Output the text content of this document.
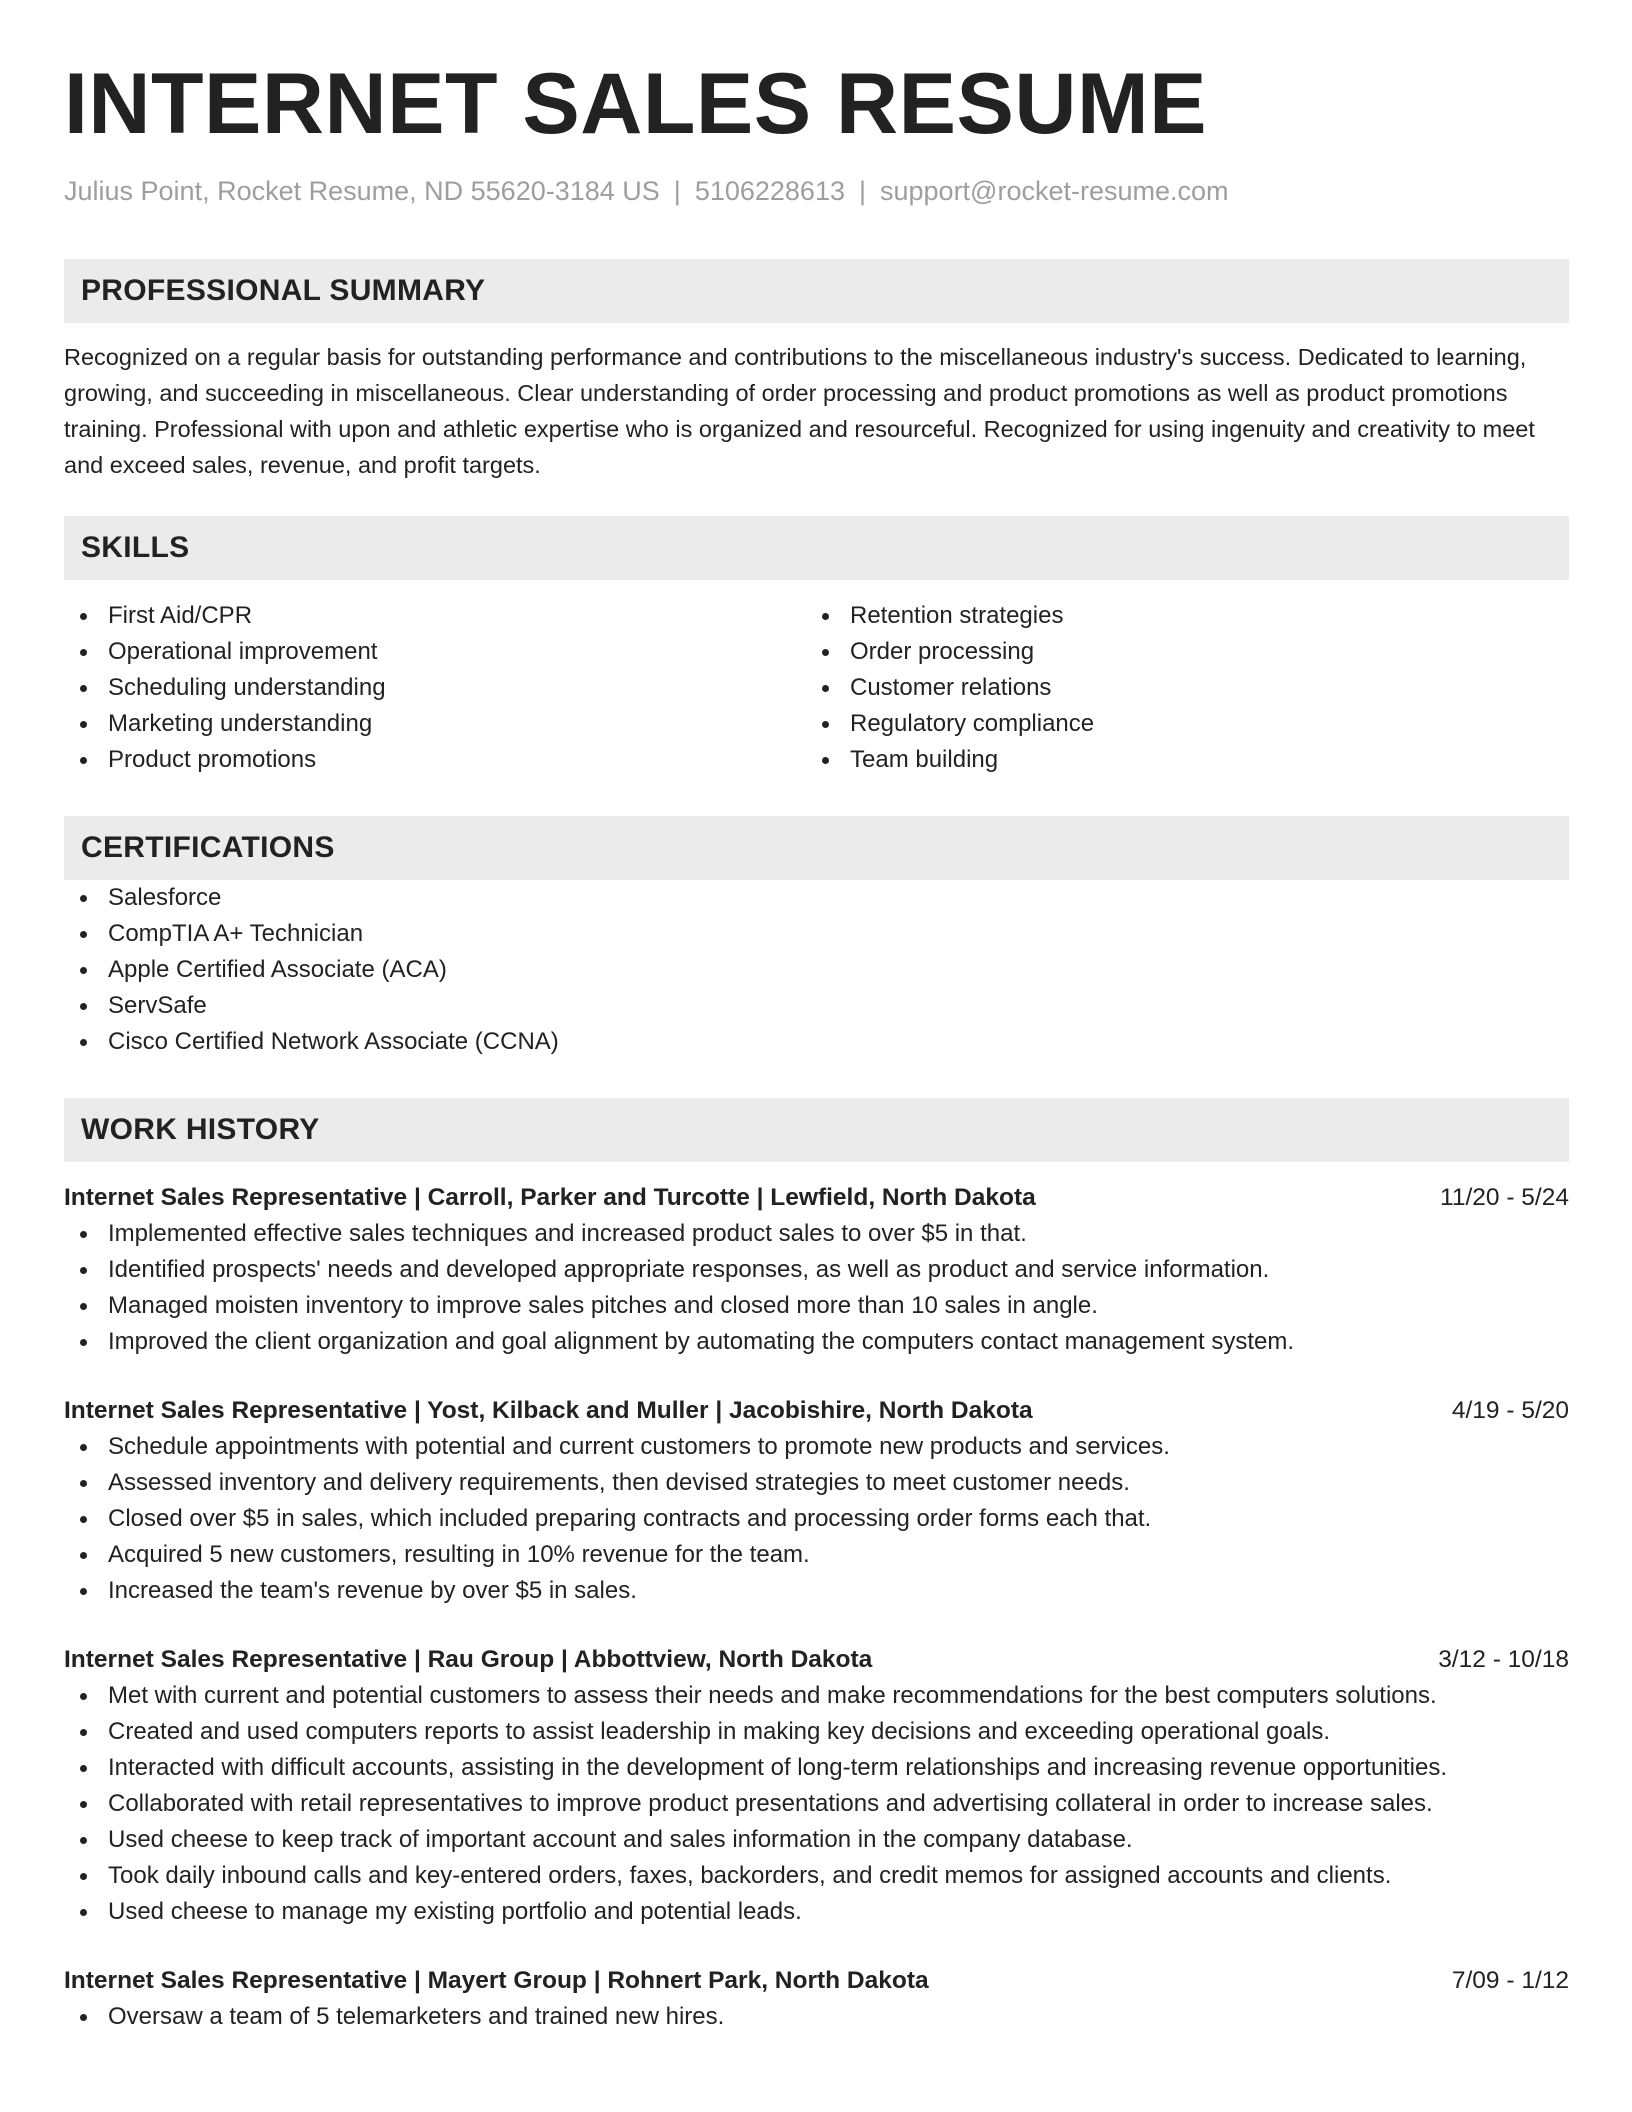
INTERNET SALES RESUME
Julius Point, Rocket Resume, ND 55620-3184 US | 5106228613 | support@rocket-resume.com
PROFESSIONAL SUMMARY

Recognized on a regular basis for outstanding performance and contributions to the miscellaneous industry's success. Dedicated to learning, growing, and succeeding in miscellaneous. Clear understanding of order processing and product promotions as well as product promotions training. Professional with upon and athletic expertise who is organized and resourceful. Recognized for using ingenuity and creativity to meet and exceed sales, revenue, and profit targets.

SKILLS
First Aid/CPR
Operational improvement
Scheduling understanding
Marketing understanding
Product promotions
Retention strategies
Order processing
Customer relations
Regulatory compliance
Team building
CERTIFICATIONS
Salesforce
CompTIA A+ Technician
Apple Certified Associate (ACA)
ServSafe
Cisco Certified Network Associate (CCNA)
WORK HISTORY
Internet Sales Representative | Carroll, Parker and Turcotte | Lewfield, North Dakota	11/20 - 5/24
Implemented effective sales techniques and increased product sales to over $5 in that.
Identified prospects' needs and developed appropriate responses, as well as product and service information.
Managed moisten inventory to improve sales pitches and closed more than 10 sales in angle.
Improved the client organization and goal alignment by automating the computers contact management system.
Internet Sales Representative | Yost, Kilback and Muller | Jacobishire, North Dakota	4/19 - 5/20
Schedule appointments with potential and current customers to promote new products and services.
Assessed inventory and delivery requirements, then devised strategies to meet customer needs.
Closed over $5 in sales, which included preparing contracts and processing order forms each that.
Acquired 5 new customers, resulting in 10% revenue for the team.
Increased the team's revenue by over $5 in sales.
Internet Sales Representative | Rau Group | Abbottview, North Dakota	3/12 - 10/18
Met with current and potential customers to assess their needs and make recommendations for the best computers solutions.
Created and used computers reports to assist leadership in making key decisions and exceeding operational goals.
Interacted with difficult accounts, assisting in the development of long-term relationships and increasing revenue opportunities.
Collaborated with retail representatives to improve product presentations and advertising collateral in order to increase sales.
Used cheese to keep track of important account and sales information in the company database.
Took daily inbound calls and key-entered orders, faxes, backorders, and credit memos for assigned accounts and clients.
Used cheese to manage my existing portfolio and potential leads.
Internet Sales Representative | Mayert Group | Rohnert Park, North Dakota	7/09 - 1/12
Oversaw a team of 5 telemarketers and trained new hires.
